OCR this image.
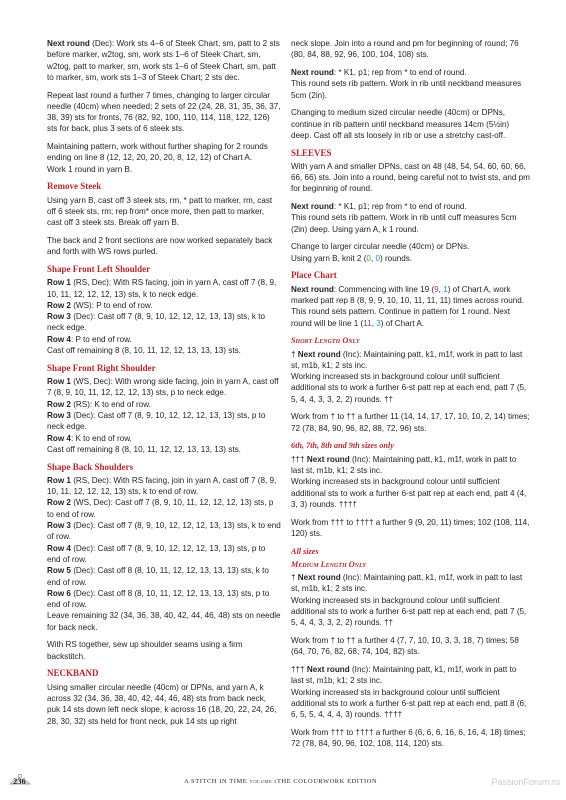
Next round (Dec): Work sts 4–6 of Steek Chart, sm, patt to 2 sts before marker, w2tog, sm, work sts 1–6 of Steek Chart, sm, w2tog, patt to marker, sm, work sts 1–6 of Steek Chart, sm, patt to marker, sm, work sts 1–3 of Steek Chart; 2 sts dec.

Repeat last round a further 7 times, changing to larger circular needle (40cm) when needed; 2 sets of 22 (24, 28, 31, 35, 36, 37, 38, 39) sts for fronts, 76 (82, 92, 100, 110, 114, 118, 122, 126) sts for back, plus 3 sets of 6 steek sts.

Maintaining pattern, work without further shaping for 2 rounds ending on line 8 (12, 12, 20, 20, 20, 8, 12, 12) of Chart A.
Work 1 round in yarn B.

Remove Steek

Using yarn B, cast off 3 steek sts, rm, * patt to marker, rm, cast off 6 steek sts, rm; rep from* once more, then patt to marker, cast off 3 steek sts. Break off yarn B.

The back and 2 front sections are now worked separately back and forth with WS rows purled.

Shape Front Left Shoulder

Row 1 (RS, Dec): With RS facing, join in yarn A, cast off 7 (8, 9, 10, 11, 12, 12, 12, 13) sts, k to neck edge.
Row 2 (WS): P to end of row.
Row 3 (Dec): Cast off 7 (8, 9, 10, 12, 12, 12, 13, 13) sts, k to neck edge.
Row 4: P to end of row.
Cast off remaining 8 (8, 10, 11, 12, 12, 13, 13, 13) sts.

Shape Front Right Shoulder

Row 1 (WS, Dec): With wrong side facing, join in yarn A, cast off 7 (8, 9, 10, 11, 12, 12, 12, 13) sts, p to neck edge.
Row 2 (RS): K to end of row.
Row 3 (Dec): Cast off 7 (8, 9, 10, 12, 12, 12, 13, 13) sts, p to neck edge.
Row 4: K to end of row.
Cast off remaining 8 (8, 10, 11, 12, 12, 13, 13, 13) sts.

Shape Back Shoulders

Row 1 (RS, Dec): With RS facing, join in yarn A, cast off 7 (8, 9, 10, 11, 12, 12, 12, 13) sts, k to end of row.
Row 2 (WS, Dec): Cast off 7 (8, 9, 10, 11, 12, 12, 12, 13) sts, p to end of row.
Row 3 (Dec): Cast off 7 (8, 9, 10, 12, 12, 12, 13, 13) sts, k to end of row.
Row 4 (Dec): Cast off 7 (8, 9, 10, 12, 12, 12, 13, 13) sts, p to end of row.
Row 5 (Dec): Cast off 8 (8, 10, 11, 12, 12, 13, 13, 13) sts, k to end of row.
Row 6 (Dec): Cast off 8 (8, 10, 11, 12, 12, 13, 13, 13) sts, p to end of row.
Leave remaining 32 (34, 36, 38, 40, 42, 44, 46, 48) sts on needle for back neck.

With RS together, sew up shoulder seams using a firm backstitch.

NECKBAND

Using smaller circular needle (40cm) or DPNs, and yarn A, k across 32 (34, 36, 38, 40, 42, 44, 46, 48) sts from back neck, puk 14 sts down left neck slope, k across 16 (18, 20, 22, 24, 26, 28, 30, 32) sts held for front neck, puk 14 sts up right

neck slope. Join into a round and pm for beginning of round; 76 (80, 84, 88, 92, 96, 100, 104, 108) sts.

Next round: * K1, p1; rep from * to end of round.
This round sets rib pattern. Work in rib until neckband measures 5cm (2in).

Changing to medium sized circular needle (40cm) or DPNs, continue in rib pattern until neckband measures 14cm (5½in) deep. Cast off all sts loosely in rib or use a stretchy cast-off.

SLEEVES

With yarn A and smaller DPNs, cast on 48 (48, 54, 54, 60, 60, 66, 66, 66) sts. Join into a round, being careful not to twist sts, and pm for beginning of round.

Next round: * K1, p1; rep from * to end of round.
This round sets rib pattern. Work in rib until cuff measures 5cm (2in) deep. Using yarn A, k 1 round.

Change to larger circular needle (40cm) or DPNs.
Using yarn B, knit 2 (0, 0) rounds.

Place Chart

Next round: Commencing with line 19 (9, 1) of Chart A, work marked patt rep 8 (8, 9, 9, 10, 10, 11, 11, 11) times across round.
This round sets pattern. Continue in pattern for 1 round. Next round will be line 1 (11, 3) of Chart A.

Short Length Only

† Next round (Inc): Maintaining patt, k1, m1f, work in patt to last st, m1b, k1; 2 sts inc.
Working increased sts in background colour until sufficient additional sts to work a further 6-st patt rep at each end, patt 7 (5, 5, 4, 4, 3, 3, 2, 2) rounds. ††

Work from † to †† a further 11 (14, 14, 17, 17, 10, 10, 2, 14) times; 72 (78, 84, 90, 96, 82, 88, 72, 96) sts.

6th, 7th, 8th and 9th sizes only

††† Next round (Inc): Maintaining patt, k1, m1f, work in patt to last st, m1b, k1; 2 sts inc.
Working increased sts in background colour until sufficient additional sts to work a further 6-st patt rep at each end, patt 4 (4, 3, 3) rounds. ††††

Work from ††† to †††† a further 9 (9, 20, 11) times; 102 (108, 114, 120) sts.

All sizes
Medium Length Only

† Next round (Inc): Maintaining patt, k1, m1f, work in patt to last st, m1b, k1; 2 sts inc.
Working increased sts in background colour until sufficient additional sts to work a further 6-st patt rep at each end, patt 7 (5, 5, 4, 4, 3, 3, 2, 2) rounds. ††

Work from † to †† a further 4 (7, 7, 10, 10, 3, 3, 18, 7) times; 58 (64, 70, 76, 82, 68, 74, 104, 82) sts.

††† Next round (Inc): Maintaining patt, k1, m1f, work in patt to last st, m1b, k1; 2 sts inc.
Working increased sts in background colour until sufficient additional sts to work a further 6-st patt rep at each end, patt 8 (6, 6, 5, 5, 4, 4, 4, 3) rounds. ††††

Work from ††† to †††† a further 6 (6, 6, 6, 16, 6, 16, 4, 18) times; 72 (78, 84, 90, 96, 102, 108, 114, 120) sts.

236	A STITCH IN TIME VOLUME 3 THE COLOURWORK EDITION	PassionForum.ru
